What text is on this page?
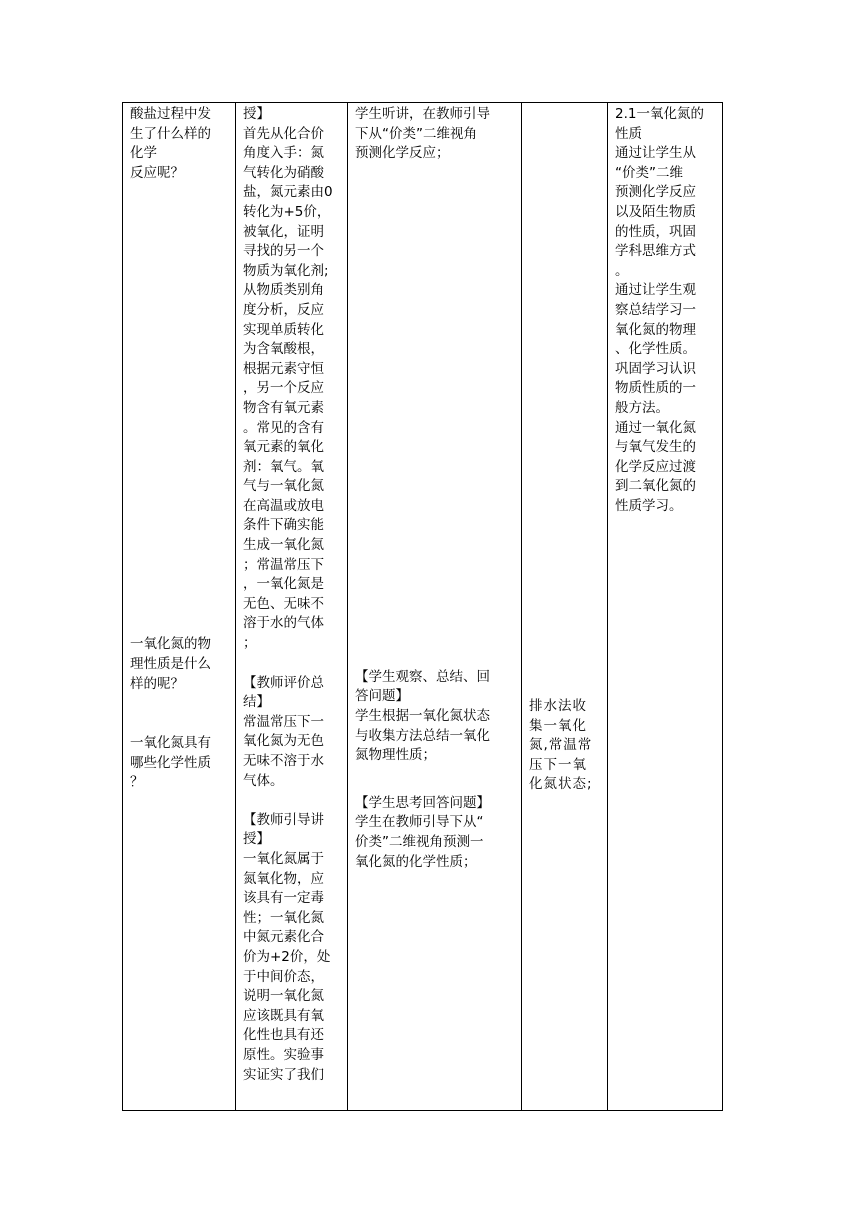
酸盐过程中发
生了什么样的
化学
反应呢？
一氧化氮的物
理性质是什么
样的呢？
一氧化氮具有
哪些化学性质
？

授】
首先从化合价
角度入手：氮
气转化为硝酸
盐，氮元素由0
转化为+5价，
被氧化，证明
寻找的另一个
物质为氧化剂;
从物质类别角
度分析，反应
实现单质转化
为含氧酸根，
根据元素守恒
，另一个反应
物含有氧元素
。常见的含有
氧元素的氧化
剂：氧气。氧
气与一氧化氮
在高温或放电
条件下确实能
生成一氧化氮
；常温常压下
，一氧化氮是
无色、无味不
溶于水的气体
；
【教师评价总
结】
常温常压下一
氧化氮为无色
无味不溶于水
气体。
【教师引导讲
授】
一氧化氮属于
氮氧化物，应
该具有一定毒
性；一氧化氮
中氮元素化合
价为+2价，处
于中间价态，
说明一氧化氮
应该既具有氧
化性也具有还
原性。实验事
实证实了我们

学生听讲，在教师引导
下从“价类”二维视角
预测化学反应；
【学生观察、总结、回
答问题】
学生根据一氧化氮状态
与收集方法总结一氧化
氮物理性质；
【学生思考回答问题】
学生在教师引导下从“
价类”二维视角预测一
氧化氮的化学性质；

排水法收
集一氧化
氮,常温常
压下一氧
化氮状态;

2.1一氧化氮的
性质
通过让学生从
“价类”二维
预测化学反应
以及陌生物质
的性质，巩固
学科思维方式
。
通过让学生观
察总结学习一
氧化氮的物理
、化学性质。
巩固学习认识
物质性质的一
般方法。
通过一氧化氮
与氧气发生的
化学反应过渡
到二氧化氮的
性质学习。
